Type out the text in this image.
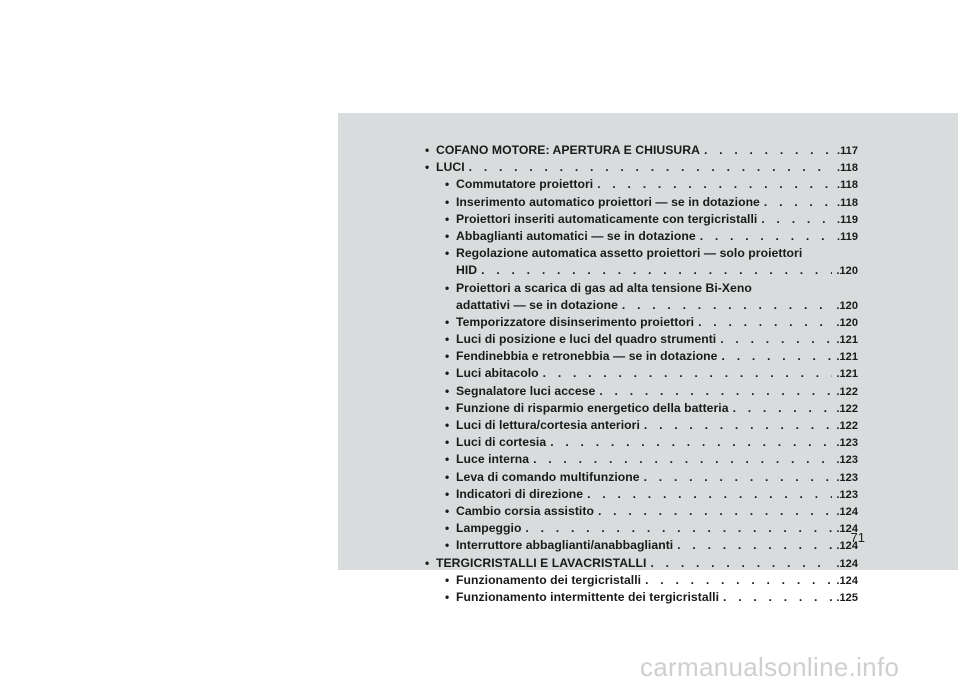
• COFANO MOTORE: APERTURA E CHIUSURA . . .	.117
• LUCI . . .	.118
• Commutatore proiettori . . .	.118
• Inserimento automatico proiettori — se in dotazione . . .	.118
• Proiettori inseriti automaticamente con tergicristalli . . .	.119
• Abbaglianti automatici — se in dotazione . . .	.119
• Regolazione automatica assetto proiettori — solo proiettori
HID . . .	.120
• Proiettori a scarica di gas ad alta tensione Bi-Xeno
adattativi — se in dotazione . . .	.120
• Temporizzatore disinserimento proiettori . . .	.120
• Luci di posizione e luci del quadro strumenti . . .	.121
• Fendinebbia e retronebbia — se in dotazione . . .	.121
• Luci abitacolo . . .	.121
• Segnalatore luci accese . . .	.122
• Funzione di risparmio energetico della batteria . . .	.122
• Luci di lettura/cortesia anteriori . . .	.122
• Luci di cortesia . . .	.123
• Luce interna . . .	.123
• Leva di comando multifunzione . . .	.123
• Indicatori di direzione . . .	.123
• Cambio corsia assistito . . .	.124
• Lampeggio . . .	.124
• Interruttore abbaglianti/anabbaglianti . . .	.124
• TERGICRISTALLI E LAVACRISTALLI . . .	.124
• Funzionamento dei tergicristalli . . .	.124
• Funzionamento intermittente dei tergicristalli . . .	.125
71
carmanualsonline.info
